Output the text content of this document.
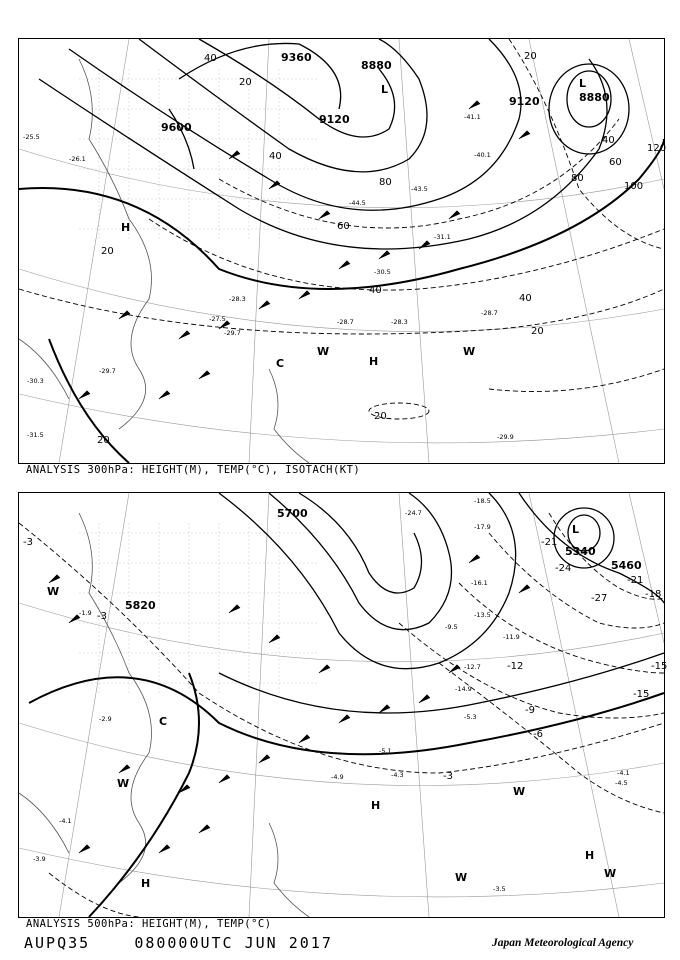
9360
8880
9120
8880
9600
9120
40
20
40
60
80
20
40
20
20
40
40
60
80
100
120
20
20
-25.5
-26.1
-28.3
-27.5
-29.7
-31.1
-30.5
-28.7	-28.3
-28.7
-29.7
-29.9
-41.1
-40.1
-44.5
-43.5
-30.3
-31.5
H
C
W
H
W
L	L
ANALYSIS 300hPa: HEIGHT(M), TEMP(°C), ISOTACH(KT)
5700
5820
5340
5460
-3
-3
-15
-9
-6
-3
-12	-15
-18
-21
-27
-24
-21
-24.7
-18.5
-17.9
-13.5
-12.7
-5.3
-5.1
-4.3
-4.9
-3.5
-4.1
-4.5
-2.9
-1.9
-4.1
-3.9
-9.5
-11.9
-14.9
-16.1
W
W
H
W
H	W
H
W
L
C
ANALYSIS 500hPa: HEIGHT(M), TEMP(°C)
AUPQ35	080000UTC JUN 2017	Japan Meteorological Agency
